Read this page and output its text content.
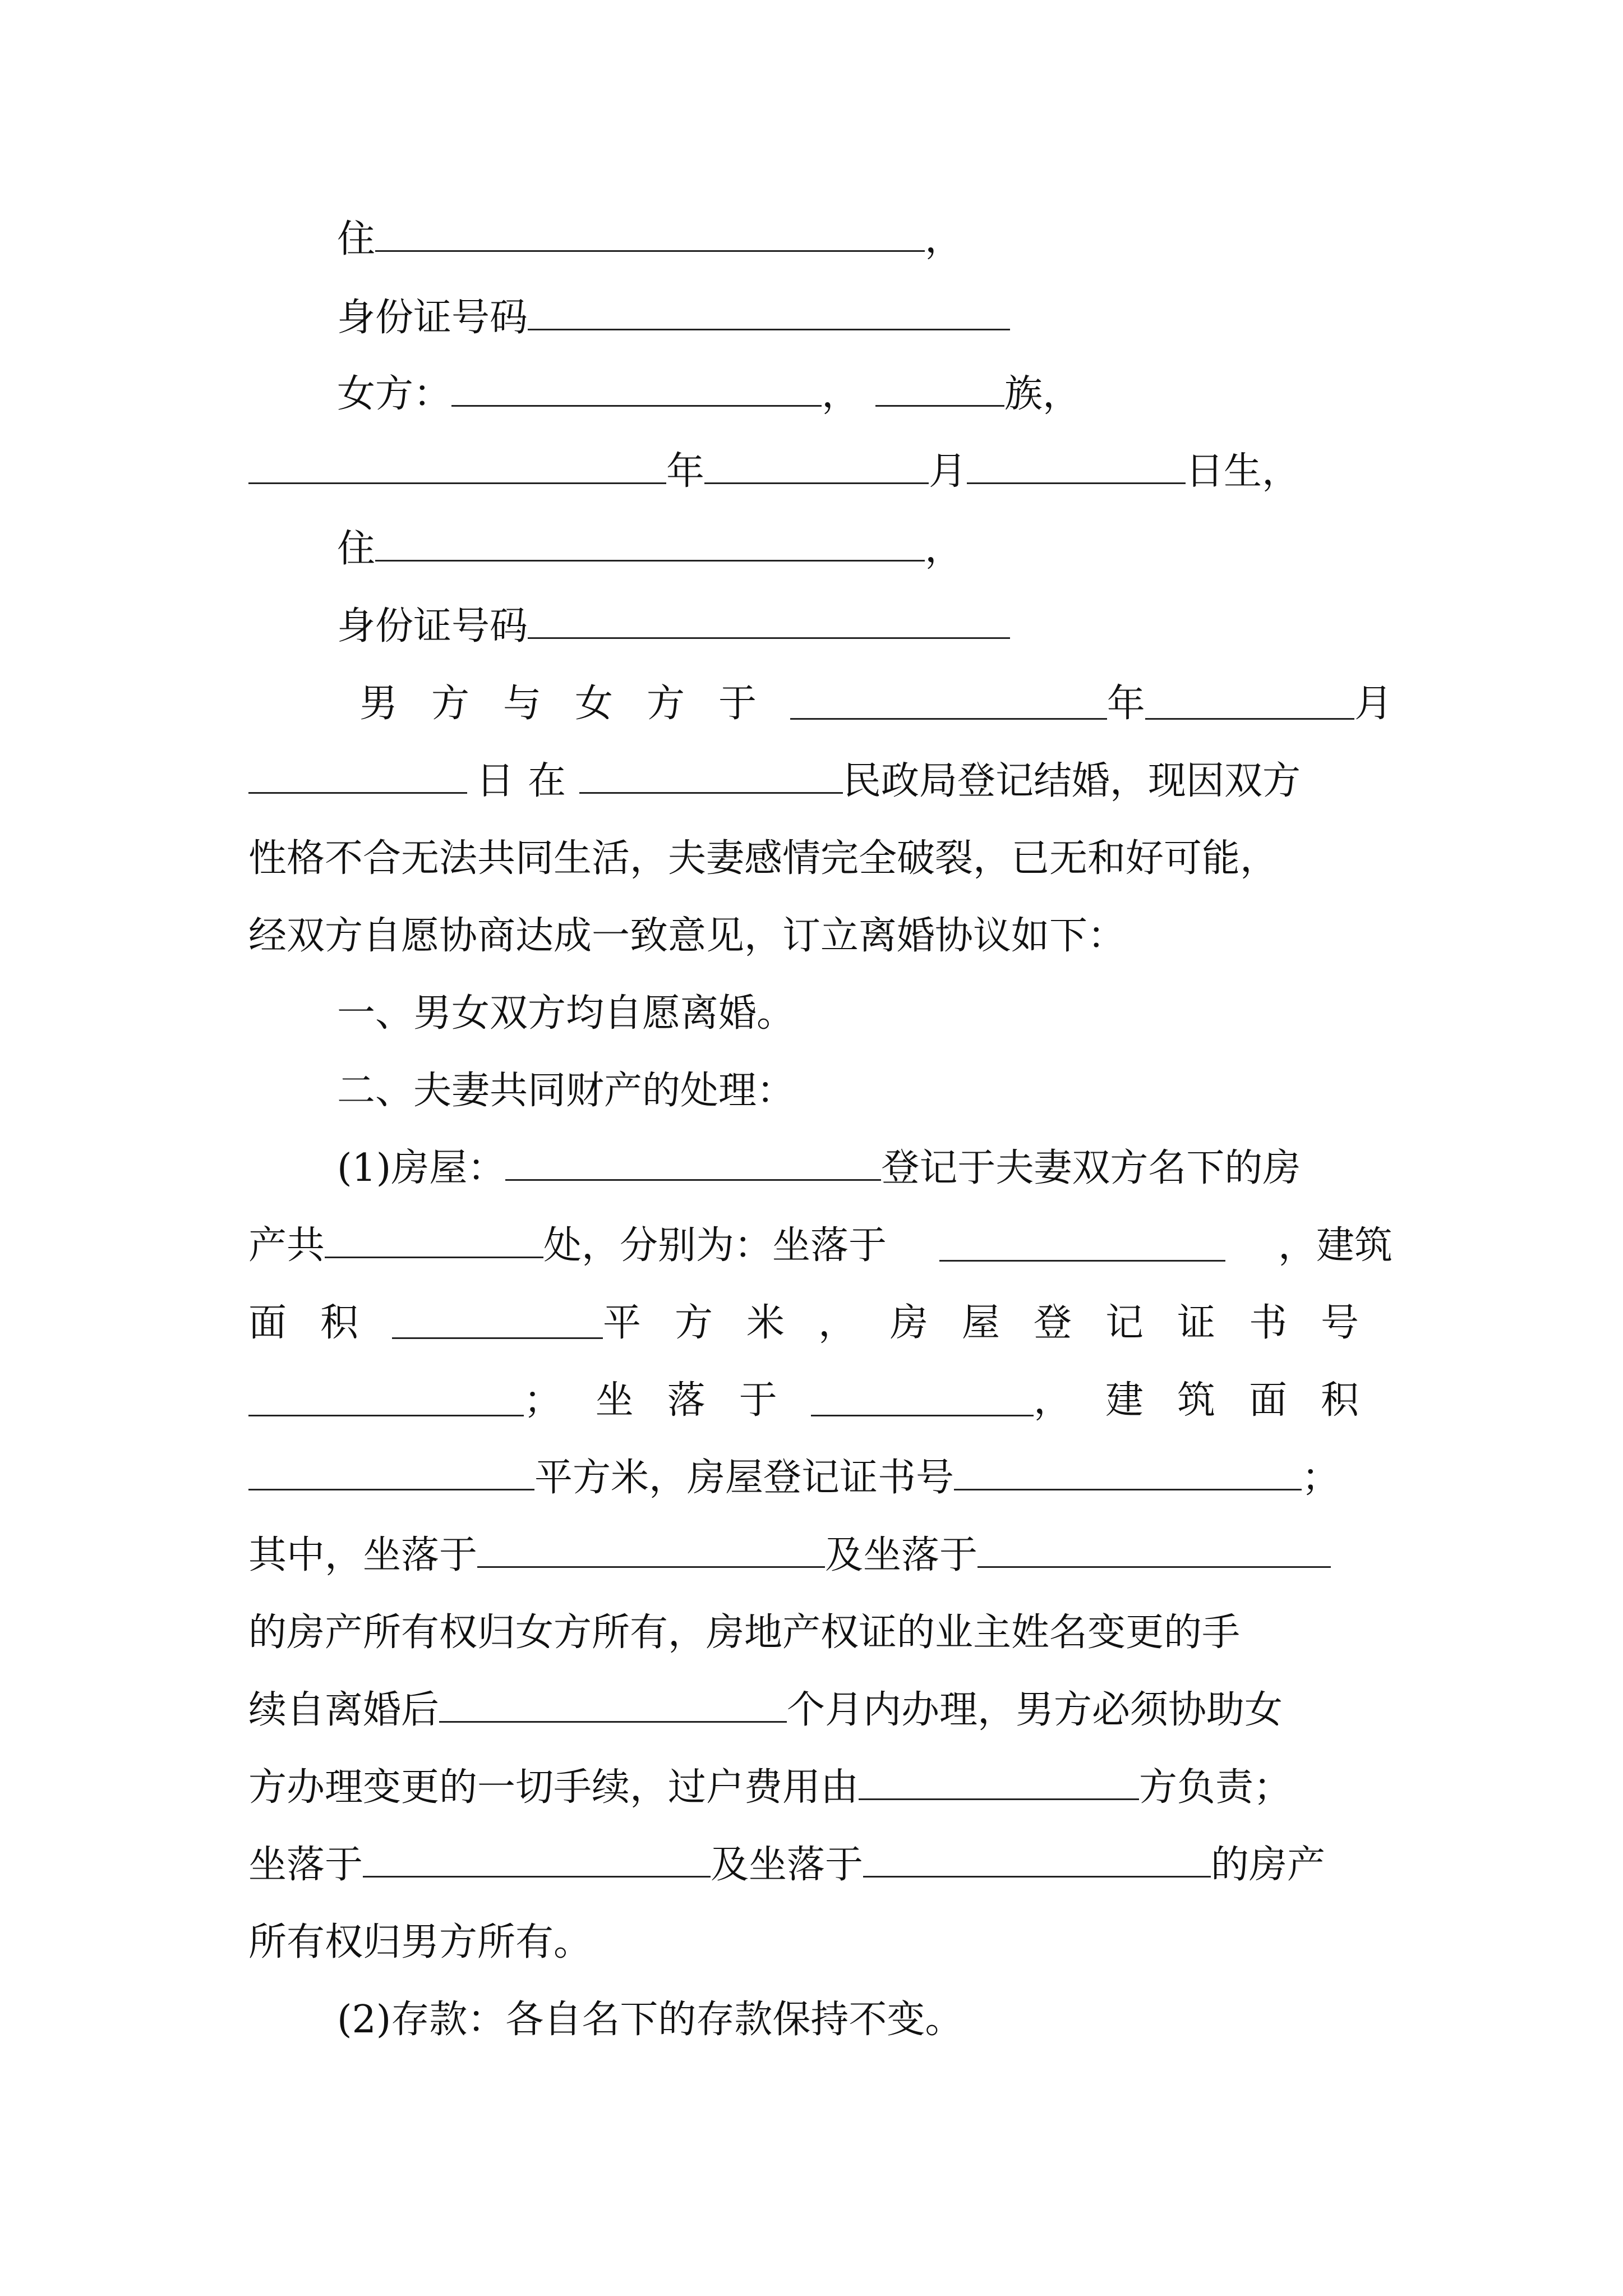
住	，
身份证号码
女方：	，	族，
年	月	日生，
住	，
身份证号码
男方与女方于	年	月
日在	民政局登记结婚，现因双方
性格不合无法共同生活，夫妻感情完全破裂，已无和好可能，
经双方自愿协商达成一致意见，订立离婚协议如下：
一、男女双方均自愿离婚。
二、夫妻共同财产的处理：
(1)房屋：	登记于夫妻双方名下的房
产共	处，分别为：坐落于	，建筑
面积	平方米，房屋登记证书号
；坐落于	，建筑面积
平方米，房屋登记证书号	；
其中，坐落于	及坐落于
的房产所有权归女方所有，房地产权证的业主姓名变更的手
续自离婚后	个月内办理，男方必须协助女
方办理变更的一切手续，过户费用由	方负责；
坐落于	及坐落于	的房产
所有权归男方所有。
(2)存款：各自名下的存款保持不变。
